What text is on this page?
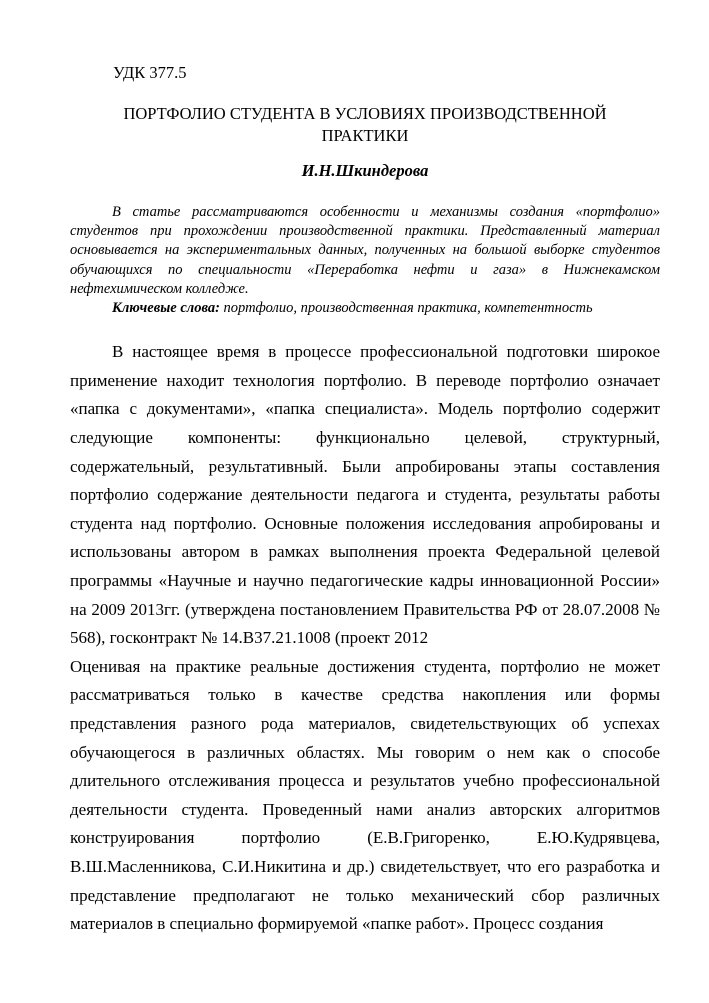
УДК 377.5
ПОРТФОЛИО СТУДЕНТА В УСЛОВИЯХ ПРОИЗВОДСТВЕННОЙ ПРАКТИКИ
И.Н.Шкиндерова

В статье рассматриваются особенности и механизмы создания «портфолио» студентов при прохождении производственной практики. Представленный материал основывается на экспериментальных данных, полученных на большой выборке студентов обучающихся по специальности «Переработка нефти и газа» в Нижнекамском нефтехимическом колледже.

Ключевые слова: портфолио, производственная практика, компетентность

В настоящее время в процессе профессиональной подготовки широкое применение находит технология портфолио. В переводе портфолио означает «папка с документами», «папка специалиста». Модель портфолио содержит следующие компоненты: функционально целевой, структурный, содержательный, результативный. Были апробированы этапы составления портфолио содержание деятельности педагога и студента, результаты работы студента над портфолио. Основные положения исследования апробированы и использованы автором в рамках выполнения проекта Федеральной целевой программы «Научные и научно педагогические кадры инновационной России» на 2009 2013гг. (утверждена постановлением Правительства РФ от 28.07.2008 № 568), госконтракт № 14.B37.21.1008 (проект 2012

Оценивая на практике реальные достижения студента, портфолио не может рассматриваться только в качестве средства накопления или формы представления разного рода материалов, свидетельствующих об успехах обучающегося в различных областях. Мы говорим о нем как о способе длительного отслеживания процесса и результатов учебно профессиональной деятельности студента. Проведенный нами анализ авторских алгоритмов конструирования портфолио (Е.В.Григоренко, Е.Ю.Кудрявцева, В.Ш.Масленникова, С.И.Никитина и др.) свидетельствует, что его разработка и представление предполагают не только механический сбор различных материалов в специально формируемой «папке работ». Процесс создания
